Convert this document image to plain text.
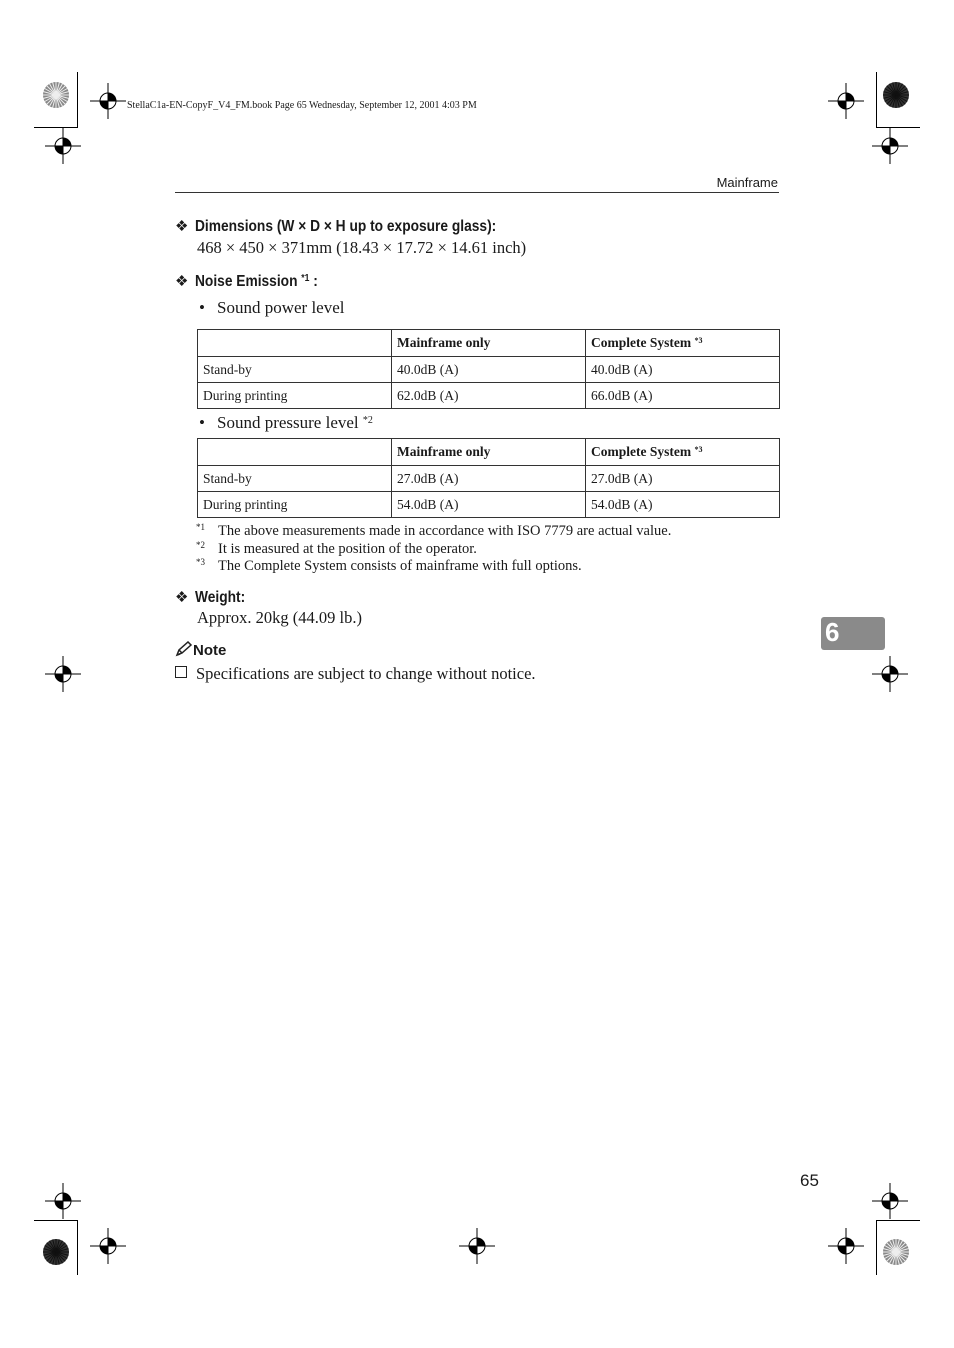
StellaC1a-EN-CopyF_V4_FM.book Page 65 Wednesday, September 12, 2001 4:03 PM
Mainframe
❖ Dimensions (W × D × H up to exposure glass):
468 × 450 × 371mm (18.43 × 17.72 × 14.61 inch)
❖ Noise Emission $^{*1}$ :
• Sound power level
	Mainframe only	Complete System $^{*3}$
Stand-by	40.0dB (A)	40.0dB (A)
During printing	62.0dB (A)	66.0dB (A)
• Sound pressure level $^{*2}$
	Mainframe only	Complete System $^{*3}$
Stand-by	27.0dB (A)	27.0dB (A)
During printing	54.0dB (A)	54.0dB (A)
*1 The above measurements made in accordance with ISO 7779 are actual value.
*2 It is measured at the position of the operator.
*3 The Complete System consists of mainframe with full options.
❖ Weight:
Approx. 20kg (44.09 lb.)
Note
Specifications are subject to change without notice.
6
65
